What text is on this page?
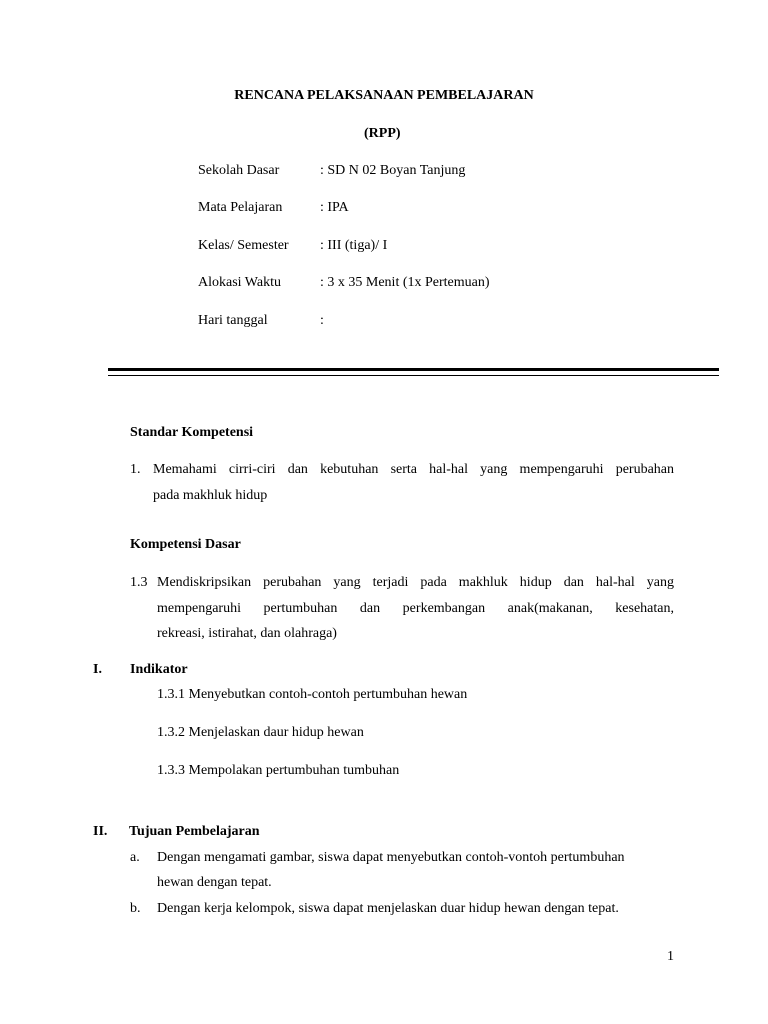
RENCANA PELAKSANAAN PEMBELAJARAN
(RPP)
Sekolah Dasar	: SD N 02 Boyan Tanjung
Mata Pelajaran	: IPA
Kelas/ Semester : III (tiga)/ I
Alokasi Waktu	: 3 x 35 Menit (1x Pertemuan)
Hari tanggal	:
Standar Kompetensi
1. Memahami cirri-ciri dan kebutuhan serta hal-hal yang mempengaruhi perubahan
pada makhluk hidup
Kompetensi Dasar
1.3 Mendiskripsikan perubahan yang terjadi pada makhluk hidup dan hal-hal yang
mempengaruhi pertumbuhan dan perkembangan anak(makanan, kesehatan,
rekreasi, istirahat, dan olahraga)
I. Indikator
1.3.1 Menyebutkan contoh-contoh pertumbuhan hewan
1.3.2 Menjelaskan daur hidup hewan
1.3.3 Mempolakan pertumbuhan tumbuhan
II. Tujuan Pembelajaran
a. Dengan mengamati gambar, siswa dapat menyebutkan contoh-vontoh pertumbuhan
hewan dengan tepat.
b. Dengan kerja kelompok, siswa dapat menjelaskan duar hidup hewan dengan tepat.
1
